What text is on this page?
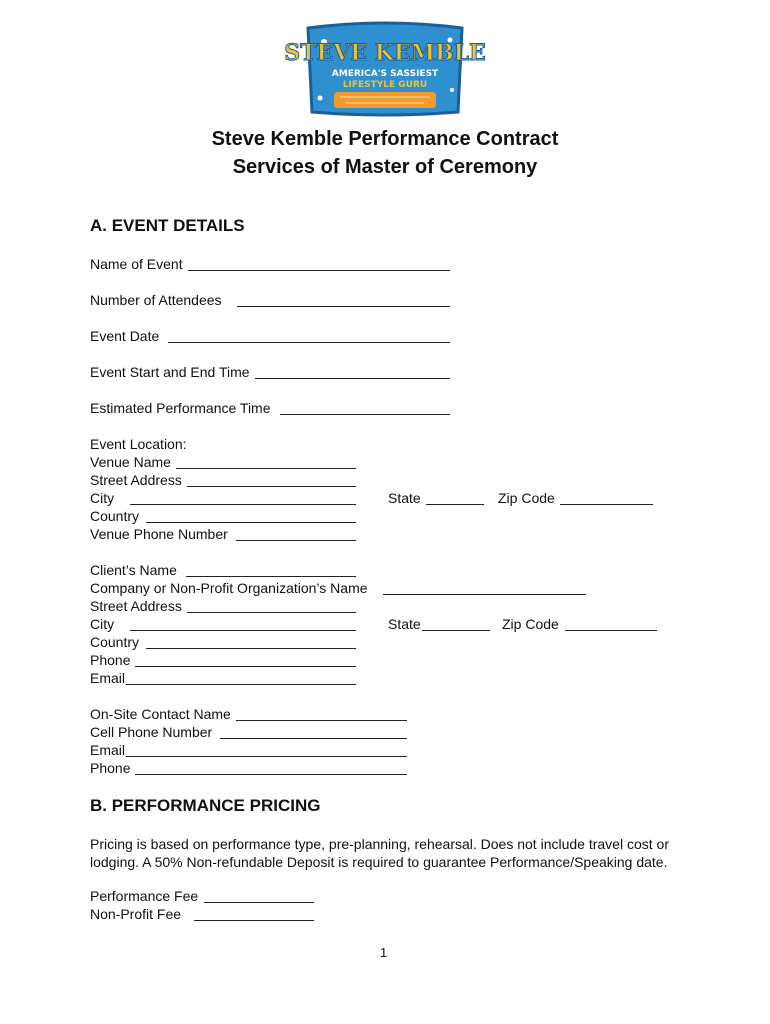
STEVE KEMBLE
AMERICA'S SASSIEST
LIFESTYLE GURU
Steve Kemble Performance Contract
Services of Master of Ceremony
A. EVENT DETAILS
Name of Event
Number of Attendees
Event Date
Event Start and End Time
Estimated Performance Time
Event Location:
Venue Name
Street Address
City	State	Zip Code
Country
Venue Phone Number
Client’s Name
Company or Non-Profit Organization’s Name
Street Address
City	State	Zip Code
Country
Phone
Email
On-Site Contact Name
Cell Phone Number
Email
Phone
B. PERFORMANCE PRICING
Pricing is based on performance type, pre-planning, rehearsal. Does not include travel cost or lodging. A 50% Non-refundable Deposit is required to guarantee Performance/Speaking date.
Performance Fee
Non-Profit Fee
1
